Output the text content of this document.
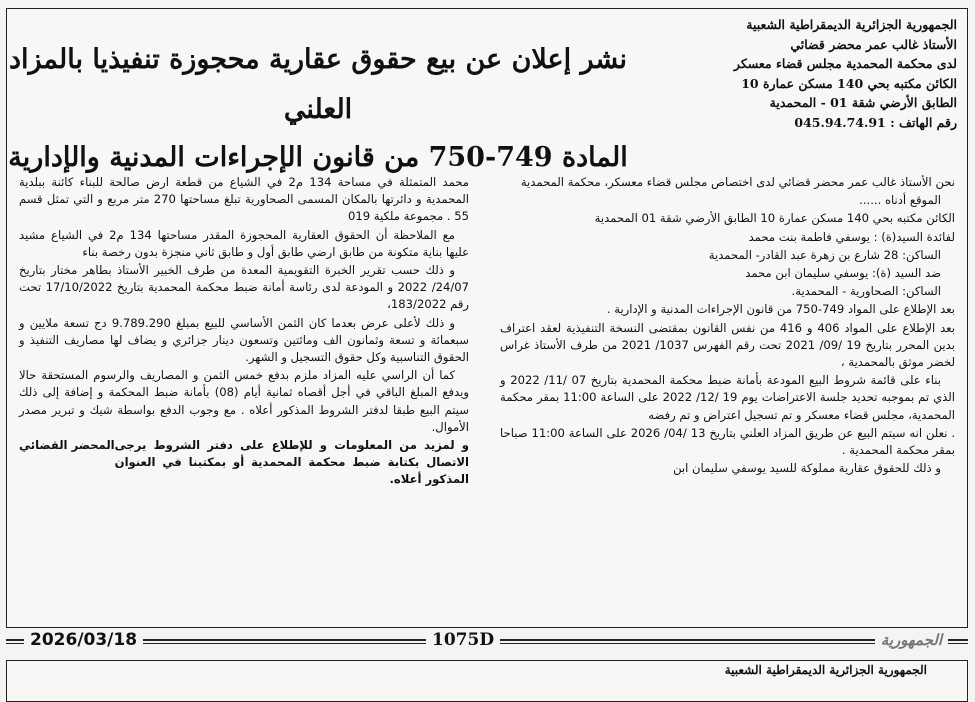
الجمهورية الجزائرية الديمقراطية الشعبية
الأستاذ غالب عمر محضر قضائي
لدى محكمة المحمدية مجلس قضاء معسكر
الكائن مكتبه بحي 140 مسكن عمارة 10
الطابق الأرضي شقة 01 - المحمدية
رقم الهاتف : 045.94.74.91
نشر إعلان عن بيع حقوق عقارية محجوزة تنفيذيا بالمزاد العلني
المادة 749-750 من قانون الإجراءات المدنية والإدارية

نحن الأستاذ غالب عمر محضر قضائي لدى اختصاص مجلس قضاء معسكر، محكمة المحمدية

الموقع أدناه ......

الكائن مكتبه بحي 140 مسكن عمارة 10 الطابق الأرضي شقة 01 المحمدية

لفائدة السيد(ة) : يوسفي فاطمة بنت محمد

الساكن: 28 شارع بن زهرة عبد القادر- المحمدية

ضد السيد (ة): يوسفي سليمان ابن محمد

الساكن: الصحاورية - المحمدية.

بعد الإطلاع على المواد 749-750 من قانون الإجراءات المدنية و الإدارية .

بعد الإطلاع على المواد 406 و 416 من نفس القانون بمقتضى النسخة التنفيذية لعقد اعتراف بدين المحرر بتاريخ 19 /09/ 2021 تحت رقم الفهرس 1037/ 2021 من طرف الأستاذ غراس لخضر موثق بالمحمدية ،

بناء على قائمة شروط البيع المودعة بأمانة ضبط محكمة المحمدية بتاريخ 07 /11/ 2022 و الذي تم بموجبه تحديد جلسة الاعتراضات يوم 19 /12/ 2022 على الساعة 11:00 بمقر محكمة المحمدية، مجلس قضاء معسكر و تم تسجيل اعتراض و تم رفضه

. نعلن انه سيتم البيع عن طريق المزاد العلني بتاريخ 13 /04/ 2026 على الساعة 11:00 صباحا بمقر محكمة المحمدية .

و ذلك للحقوق عقارية مملوكة للسيد يوسفي سليمان ابن

محمد المتمثلة في مساحة 134 م2 في الشياع من قطعة ارض صالحة للبناء كائنة ببلدية المحمدية و دائرتها بالمكان المسمى الصحاورية تبلغ مساحتها 270 متر مربع و التي تمثل قسم 55 . مجموعة ملكية 019

مع الملاحظة أن الحقوق العقارية المحجوزة المقدر مساحتها 134 م2 في الشياع مشيد عليها بناية متكونة من طابق ارضي طابق أول و طابق ثاني منجزة بدون رخصة بناء

و ذلك حسب تقرير الخبرة التقويمية المعدة من طرف الخبير الأستاذ بطاهر مختار بتاريخ 24/07/ 2022 و المودعة لدى رئاسة أمانة ضبط محكمة المحمدية بتاريخ 17/10/2022 تحت رقم 183/2022،

و ذلك لأعلى عرض بعدما كان الثمن الأساسي للبيع بمبلغ 9.789.290 دج تسعة ملايين و سبعمائة و تسعة وثمانون الف ومائتين وتسعون دينار جزائري و يضاف لها مصاريف التنفيذ و الحقوق التناسبية وكل حقوق التسجيل و الشهر.

كما أن الراسي عليه المزاد ملزم بدفع خمس الثمن و المصاريف والرسوم المستحقة حالا ويدفع المبلغ الباقي في أجل أقصاه ثمانية أيام (08) بأمانة ضبط المحكمة و إضافة إلى ذلك سيتم البيع طبقا لدفتر الشروط المذكور أعلاه . مع وجوب الدفع بواسطة شيك و تبرير مصدر الأموال.

و لمزيد من المعلومات و للإطلاع على دفتر الشروط يرجى الاتصال بكتابة ضبط محكمة المحمدية أو بمكتبنا في العنوان المذكور أعلاه.
المحضر القضائي
2026/03/18	1075D	الجمهورية
الجمهورية الجزائرية الديمقراطية الشعبية
